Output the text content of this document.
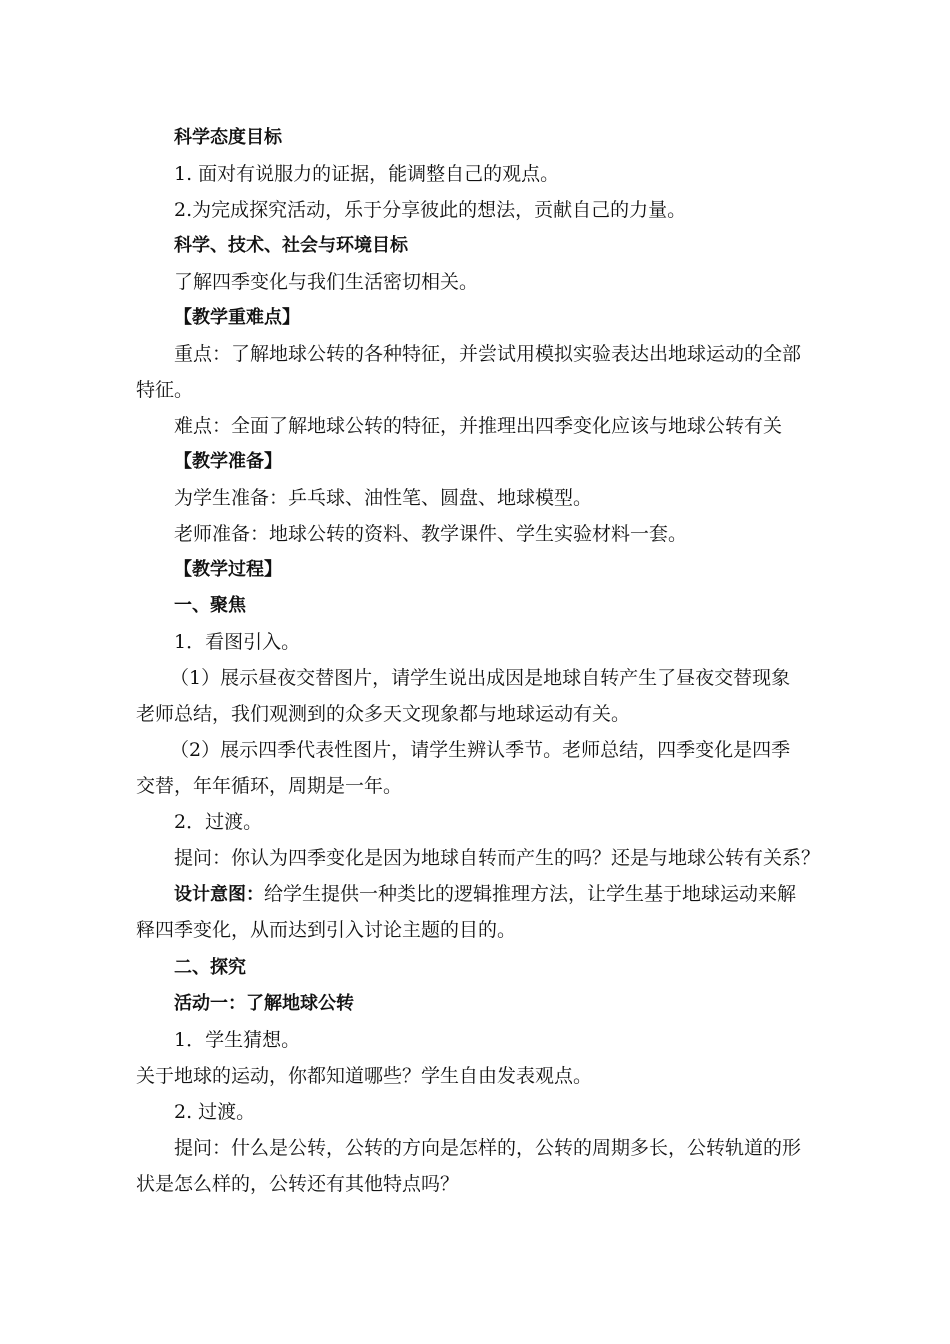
科学态度目标
1. 面对有说服力的证据，能调整自己的观点。
2.为完成探究活动，乐于分享彼此的想法，贡献自己的力量。
科学、技术、社会与环境目标
了解四季变化与我们生活密切相关。
【教学重难点】
重点：了解地球公转的各种特征，并尝试用模拟实验表达出地球运动的全部
特征。
难点：全面了解地球公转的特征，并推理出四季变化应该与地球公转有关
【教学准备】
为学生准备：乒乓球、油性笔、圆盘、地球模型。
老师准备：地球公转的资料、教学课件、学生实验材料一套。
【教学过程】
一、聚焦
1．看图引入。
（1）展示昼夜交替图片，请学生说出成因是地球自转产生了昼夜交替现象
老师总结，我们观测到的众多天文现象都与地球运动有关。
（2）展示四季代表性图片，请学生辨认季节。老师总结，四季变化是四季
交替，年年循环，周期是一年。
2．过渡。
提问：你认为四季变化是因为地球自转而产生的吗？还是与地球公转有关系？
设计意图：给学生提供一种类比的逻辑推理方法，让学生基于地球运动来解
释四季变化，从而达到引入讨论主题的目的。
二、探究
活动一：了解地球公转
1．学生猜想。
关于地球的运动，你都知道哪些？学生自由发表观点。
2. 过渡。
提问：什么是公转，公转的方向是怎样的，公转的周期多长，公转轨道的形
状是怎么样的，公转还有其他特点吗？
